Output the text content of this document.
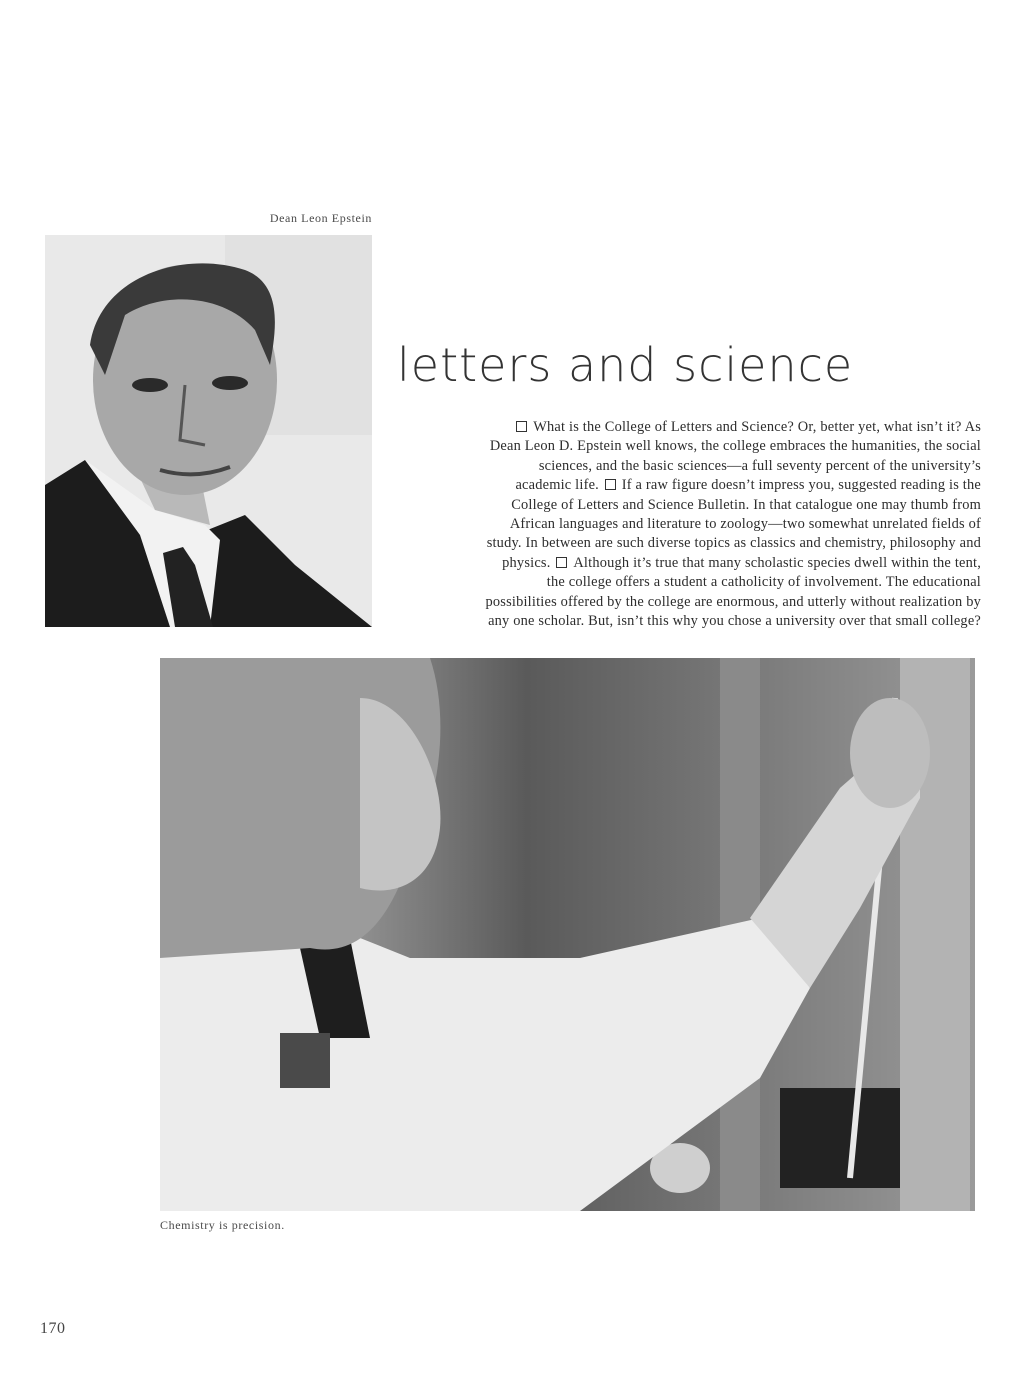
Dean Leon Epstein
letters and science
What is the College of Letters and Science? Or, better yet, what isn’t it? As
Dean Leon D. Epstein well knows, the college embraces the humanities, the social
sciences, and the basic sciences—a full seventy percent of the university’s
academic life. If a raw figure doesn’t impress you, suggested reading is the
College of Letters and Science Bulletin. In that catalogue one may thumb from
African languages and literature to zoology—two somewhat unrelated fields of
study. In between are such diverse topics as classics and chemistry, philosophy and
physics. Although it’s true that many scholastic species dwell within the tent,
the college offers a student a catholicity of involvement. The educational
possibilities offered by the college are enormous, and utterly without realization by
any one scholar. But, isn’t this why you chose a university over that small college?
Chemistry is precision.
170
